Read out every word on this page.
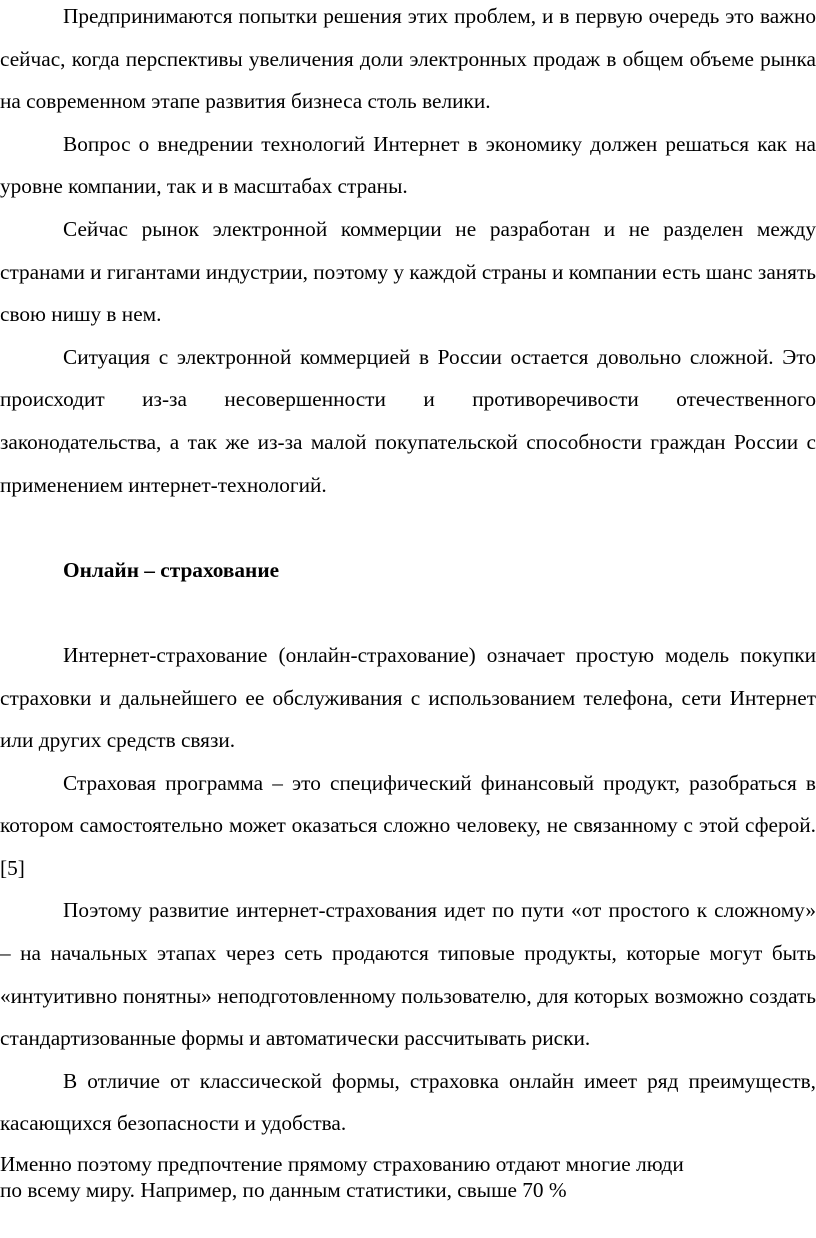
Предпринимаются попытки решения этих проблем, и в первую очередь это важно сейчас, когда перспективы увеличения доли электронных продаж в общем объеме рынка на современном этапе развития бизнеса столь велики.

Вопрос о внедрении технологий Интернет в экономику должен решаться как на уровне компании, так и в масштабах страны.

Сейчас рынок электронной коммерции не разработан и не разделен между странами и гигантами индустрии, поэтому у каждой страны и компании есть шанс занять свою нишу в нем.

Ситуация с электронной коммерцией в России остается довольно сложной. Это происходит из-за несовершенности и противоречивости отечественного законодательства, а так же из-за малой покупательской способности граждан России с применением интернет-технологий.

Онлайн – страхование

Интернет-страхование (онлайн-страхование) означает простую модель покупки страховки и дальнейшего ее обслуживания с использованием телефона, сети Интернет или других средств связи.

Страховая программа – это специфический финансовый продукт, разобраться в котором самостоятельно может оказаться сложно человеку, не связанному с этой сферой.[5]

Поэтому развитие интернет-страхования идет по пути «от простого к сложному» – на начальных этапах через сеть продаются типовые продукты, которые могут быть «интуитивно понятны» неподготовленному пользователю, для которых возможно создать стандартизованные формы и автоматически рассчитывать риски.

В отличие от классической формы, страховка онлайн имеет ряд преимуществ, касающихся безопасности и удобства.

Именно поэтому предпочтение прямому страхованию отдают многие люди

по всему миру. Например, по данным статистики, свыше 70 %
